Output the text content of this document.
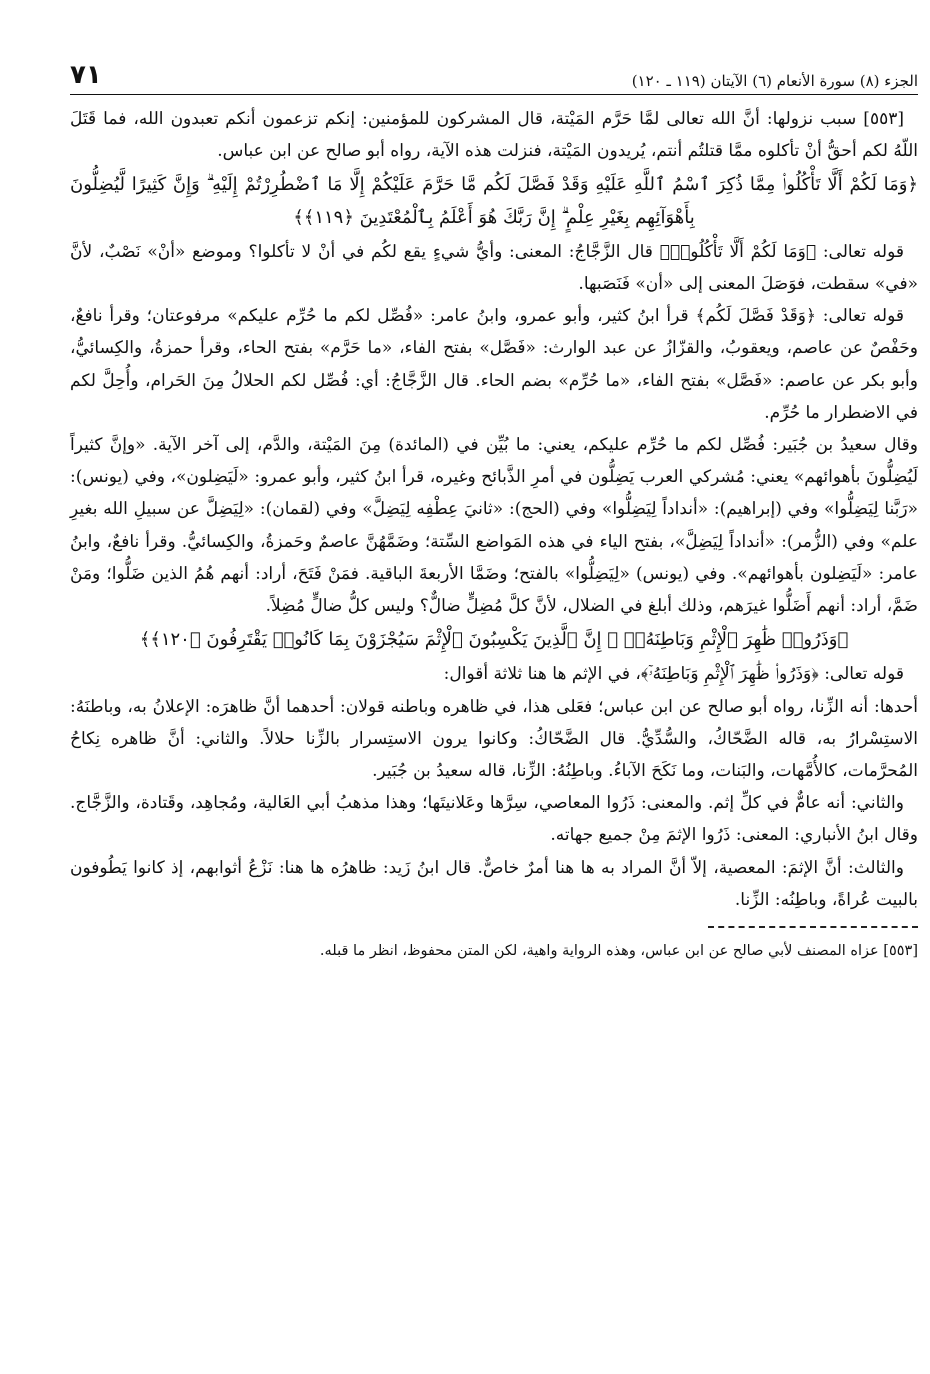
الجزء (٨) سورة الأنعام (٦) الآيتان (١١٩ ـ ١٢٠)
٧١

[٥٥٣] سبب نزولها: أنَّ الله تعالى لمَّا حَرَّم المَيْتة، قال المشركون للمؤمنين: إنكم تزعمون أنكم تعبدون الله، فما قَتَلَ اللّهُ لكم أحقُّ أنْ تأكلوه ممَّا قتلتُم أنتم، يُريدون المَيْتة، فنزلت هذه الآية، رواه أبو صالح عن ابن عباس.

﴿وَمَا لَكُمْ أَلَّا تَأْكُلُوا۟ مِمَّا ذُكِرَ ٱسْمُ ٱللَّهِ عَلَيْهِ وَقَدْ فَصَّلَ لَكُم مَّا حَرَّمَ عَلَيْكُمْ إِلَّا مَا ٱضْطُرِرْتُمْ إِلَيْهِ ۗ وَإِنَّ كَثِيرًا لَّيُضِلُّونَ بِأَهْوَآئِهِم بِغَيْرِ عِلْمٍ ۗ إِنَّ رَبَّكَ هُوَ أَعْلَمُ بِٱلْمُعْتَدِينَ ﴿١١٩﴾﴾

قوله تعالى: ﴿وَمَا لَكُمْ أَلَّا تَأْكُلُوا۟﴾ قال الزَّجَّاجُ: المعنى: وأيُّ شيءٍ يقع لكُم في أنْ لا تأكلوا؟ وموضع «أنْ» نَصْبٌ، لأنَّ «في» سقطت، فوَصَلَ المعنى إلى «أن» فَنَصَبها.

قوله تعالى: ﴿وَقَدْ فَصَّلَ لَكُم﴾ قرأ ابنُ كثير، وأبو عمرو، وابنُ عامر: «فُصِّل لكم ما حُرِّم عليكم» مرفوعتان؛ وقرأ نافعٌ، وحَفْصٌ عن عاصم، ويعقوبُ، والقزّازُ عن عبد الوارث: «فَصَّل» بفتح الفاء، «ما حَرَّم» بفتح الحاء، وقرأ حمزةُ، والكِسائيُّ، وأبو بكر عن عاصم: «فَصَّل» بفتح الفاء، «ما حُرِّم» بضم الحاء. قال الزَّجَّاجُ: أي: فُصِّل لكم الحلالُ مِنَ الحَرام، وأُحِلَّ لكم في الاضطرار ما حُرِّم.

وقال سعيدُ بن جُبَير: فُصِّل لكم ما حُرِّم عليكم، يعني: ما بُيِّن في (المائدة) مِنَ المَيْتة، والدَّم، إلى آخر الآية. «وإنَّ كثيراً لَيُضِلُّونَ بأهوائهم» يعني: مُشركي العرب يَضِلُّون في أمرِ الذَّبائح وغيره، قرأ ابنُ كثير، وأبو عمرو: «لَيَضِلون»، وفي (يونس): «رَبَّنا لِيَضِلُّوا» وفي (إبراهيم): «أنداداً لِيَضِلُّوا» وفي (الحج): «ثانيَ عِطْفِه لِيَضِلَّ» وفي (لقمان): «لِيَضِلَّ عن سبيلِ الله بغيرِ علم» وفي (الزُّمر): «أنداداً لِيَضِلَّ»، بفتح الياء في هذه المَواضع السِّتة؛ وضَمَّهُنَّ عاصمٌ وحَمزةُ، والكِسائيُّ. وقرأ نافعٌ، وابنُ عامر: «لَيَضِلون بأهوائهم». وفي (يونس) «لِيَضِلُّوا» بالفتح؛ وضَمَّا الأربعةَ الباقية. فمَنْ فَتَحَ، أراد: أنهم هُمُ الذين ضَلُّوا؛ ومَنْ ضَمَّ، أراد: أنهم أَضَلُّوا غيرَهم، وذلك أبلغ في الضلال، لأنَّ كلَّ مُضِلٍّ ضالٌّ؟ وليس كلُّ ضالٍّ مُضِلاً.

﴿وَذَرُوا۟ ظَٰهِرَ ٱلْإِثْمِ وَبَاطِنَهُۥٓ ۚ إِنَّ ٱلَّذِينَ يَكْسِبُونَ ٱلْإِثْمَ سَيُجْزَوْنَ بِمَا كَانُوا۟ يَقْتَرِفُونَ ﴿١٢٠﴾﴾

قوله تعالى: ﴿وَذَرُوا۟ ظَٰهِرَ ٱلْإِثْمِ وَبَاطِنَهُۥٓ﴾، في الإثم ها هنا ثلاثة أقوال:

أحدها: أنه الزِّنا، رواه أبو صالح عن ابن عباس؛ فعَلى هذا، في ظاهره وباطنه قولان: أحدهما أنَّ ظاهرَه: الإعلانُ به، وباطنَهُ: الاستِسْرارُ به، قاله الضَّحّاكُ، والسُّدِّيُّ. قال الضَّحّاكُ: وكانوا يرون الاستِسرار بالزِّنا حلالاً. والثاني: أنَّ ظاهره نِكاحُ المُحرَّمات، كالأُمَّهات، والبَنات، وما نَكَحَ الآباءُ. وباطِنُهُ: الزِّنا، قاله سعيدُ بن جُبَير.

والثاني: أنه عامٌّ في كلِّ إثم. والمعنى: ذَرُوا المعاصي، سِرَّها وعَلانيتَها؛ وهذا مذهبُ أبي العَالية، ومُجاهِد، وقَتادة، والزَّجَّاج. وقال ابنُ الأنباري: المعنى: ذَرُوا الإثمَ مِنْ جميع جهاته.

والثالث: أنَّ الإثمَ: المعصية، إلاّ أنَّ المراد به ها هنا أمرٌ خاصٌّ. قال ابنُ زَيد: ظاهرُه ها هنا: نَزْعُ أثوابهم، إذ كانوا يَطُوفون بالبيت عُراةً، وباطِنُه: الزِّنا.

[٥٥٣] عزاه المصنف لأبي صالح عن ابن عباس، وهذه الرواية واهية، لكن المتن محفوظ، انظر ما قبله.
